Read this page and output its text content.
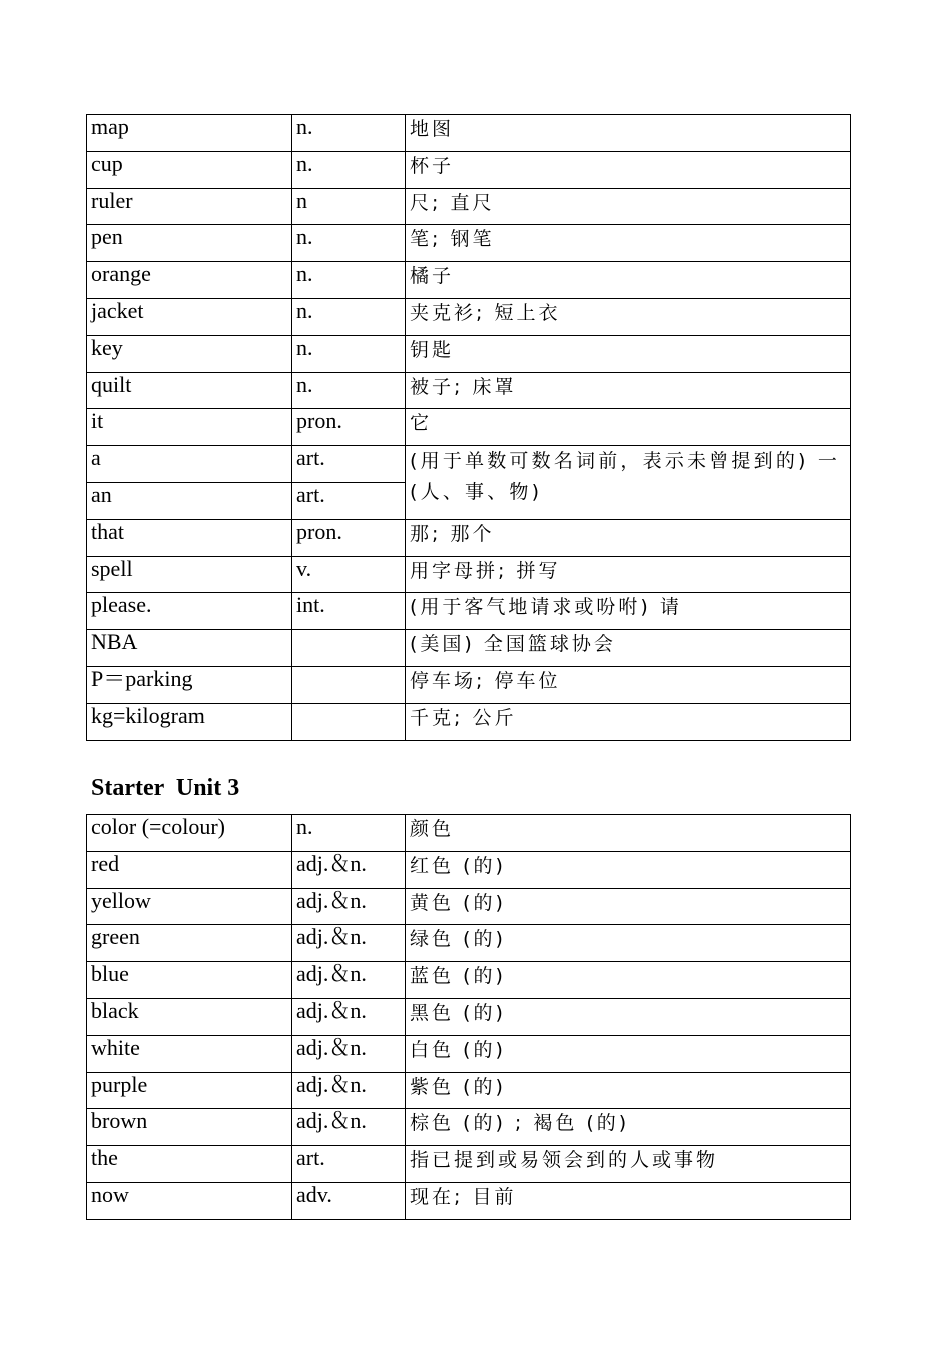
map	n.	地图
cup	n.	杯子
ruler	n	尺; 直尺
pen	n.	笔; 钢笔
orange	n.	橘子
jacket	n.	夹克衫; 短上衣
key	n.	钥匙
quilt	n.	被子; 床罩
it	pron.	它
a	art.	(用于单数可数名词前，表示未曾提到的) 一 (人、事、物)
an	art.	
that	pron.	那; 那个
spell	v.	用字母拼; 拼写
please.	int.	(用于客气地请求或吩咐) 请
NBA		(美国) 全国篮球协会
P＝parking		停车场; 停车位
kg=kilogram		千克; 公斤
Starter  Unit 3
color (=colour)	n.	颜色
red	adj.＆n.	红色 (的)
yellow	adj.＆n.	黄色 (的)
green	adj.＆n.	绿色 (的)
blue	adj.＆n.	蓝色 (的)
black	adj.＆n.	黑色 (的)
white	adj.＆n.	白色 (的)
purple	adj.＆n.	紫色 (的)
brown	adj.＆n.	棕色 (的) ; 褐色 (的)
the	art.	指已提到或易领会到的人或事物
now	adv.	现在; 目前
